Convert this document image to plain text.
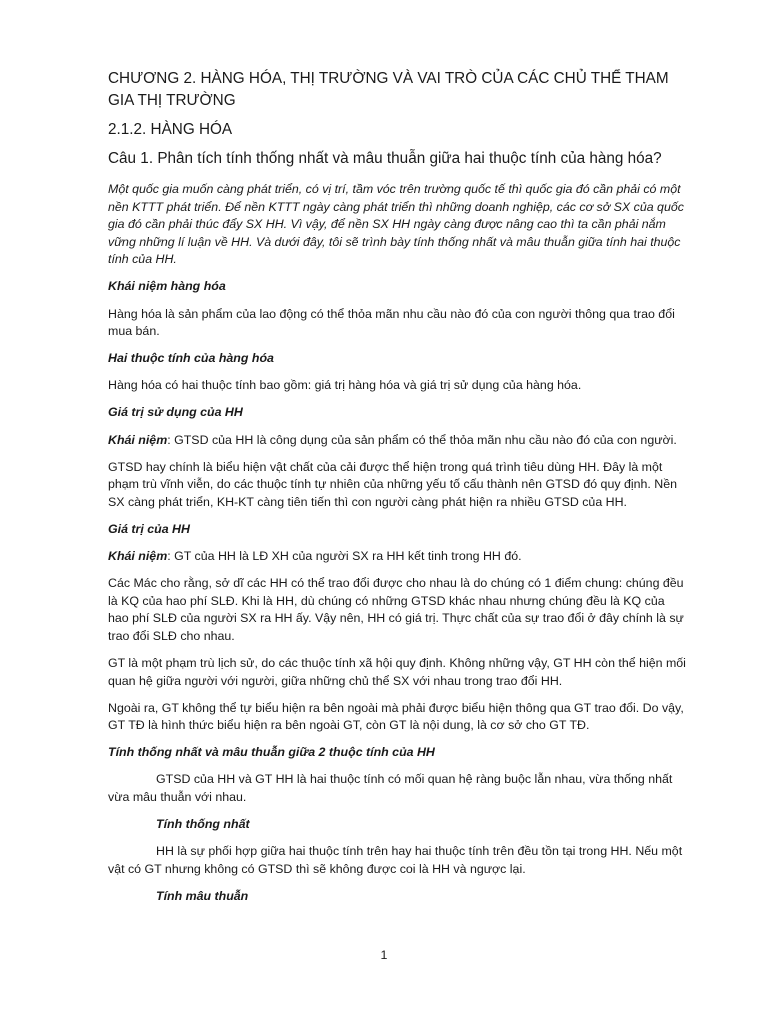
CHƯƠNG 2. HÀNG HÓA, THỊ TRƯỜNG VÀ VAI TRÒ CỦA CÁC CHỦ THỂ THAM GIA THỊ TRƯỜNG
2.1.2. HÀNG HÓA
Câu 1. Phân tích tính thống nhất và mâu thuẫn giữa hai thuộc tính của hàng hóa?

Một quốc gia muốn càng phát triển, có vị trí, tầm vóc trên trường quốc tế thì quốc gia đó cần phải có một nền KTTT phát triển. Để nền KTTT ngày càng phát triển thì những doanh nghiệp, các cơ sở SX của quốc gia đó cần phải thúc đẩy SX HH. Vì vậy, để nền SX HH ngày càng được nâng cao thì ta cần phải nắm vững những lí luận về HH. Và dưới đây, tôi sẽ trình bày tính thống nhất và mâu thuẫn giữa tính hai thuộc tính của HH.

Khái niệm hàng hóa

Hàng hóa là sản phẩm của lao động có thể thỏa mãn nhu cầu nào đó của con người thông qua trao đổi mua bán.

Hai thuộc tính của hàng hóa

Hàng hóa có hai thuộc tính bao gồm: giá trị hàng hóa và giá trị sử dụng của hàng hóa.

Giá trị sử dụng của HH

Khái niệm: GTSD của HH là công dụng của sản phẩm có thể thỏa mãn nhu cầu nào đó của con người.

GTSD hay chính là biểu hiện vật chất của cải được thể hiện trong quá trình tiêu dùng HH. Đây là một phạm trù vĩnh viễn, do các thuộc tính tự nhiên của những yếu tố cấu thành nên GTSD đó quy định. Nền SX càng phát triển, KH-KT càng tiên tiến thì con người càng phát hiện ra nhiều GTSD của HH.

Giá trị của HH

Khái niệm: GT của HH là LĐ XH của người SX ra HH kết tinh trong HH đó.

Các Mác cho rằng, sở dĩ các HH có thể trao đổi được cho nhau là do chúng có 1 điểm chung: chúng đều là KQ của hao phí SLĐ. Khi là HH, dù chúng có những GTSD khác nhau nhưng chúng đều là KQ của hao phí SLĐ của người SX ra HH ấy. Vậy nên, HH có giá trị. Thực chất của sự trao đổi ở đây chính là sự trao đổi SLĐ cho nhau.

GT là một phạm trù lịch sử, do các thuộc tính xã hội quy định. Không những vậy, GT HH còn thể hiện mối quan hệ giữa người với người, giữa những chủ thể SX với nhau trong trao đổi HH.

Ngoài ra, GT không thể tự biểu hiện ra bên ngoài mà phải được biểu hiện thông qua GT trao đổi. Do vậy, GT TĐ là hình thức biểu hiện ra bên ngoài GT, còn GT là nội dung, là cơ sở cho GT TĐ.

Tính thống nhất và mâu thuẫn giữa 2 thuộc tính của HH

GTSD của HH và GT HH là hai thuộc tính có mối quan hệ ràng buộc lẫn nhau, vừa thống nhất vừa mâu thuẫn với nhau.

Tính thống nhất

HH là sự phối hợp giữa hai thuộc tính trên hay hai thuộc tính trên đều tồn tại trong HH. Nếu một vật có GT nhưng không có GTSD thì sẽ không được coi là HH và ngược lại.

Tính mâu thuẫn

1
